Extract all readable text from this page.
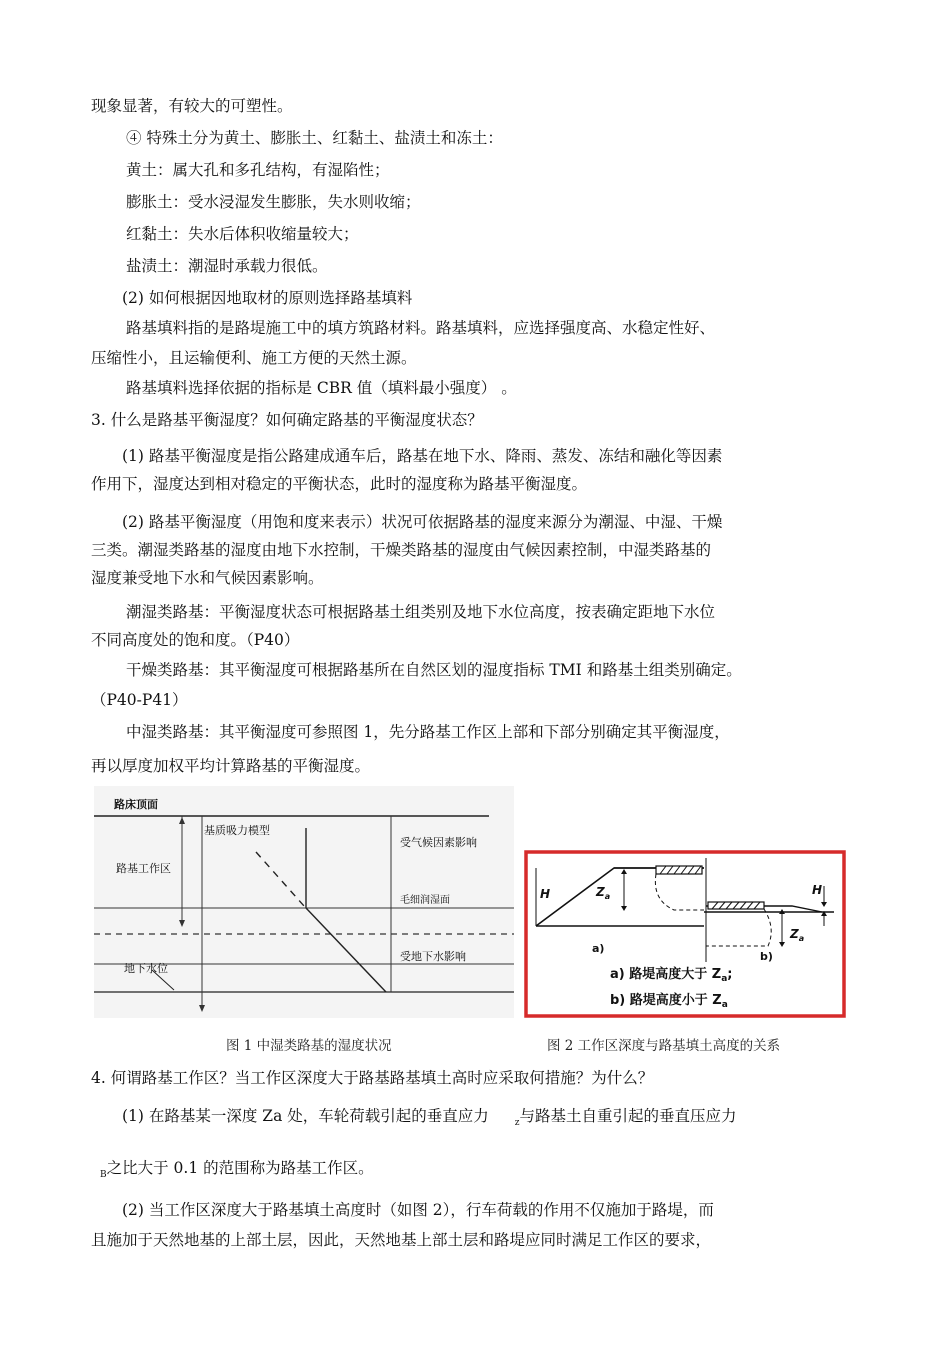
现象显著，有较大的可塑性。
④ 特殊土分为黄土、膨胀土、红黏土、盐渍土和冻土：
黄土：属大孔和多孔结构，有湿陷性；
膨胀土：受水浸湿发生膨胀，失水则收缩；
红黏土：失水后体积收缩量较大；
盐渍土：潮湿时承载力很低。
(2) 如何根据因地取材的原则选择路基填料
路基填料指的是路堤施工中的填方筑路材料。路基填料，应选择强度高、水稳定性好、
压缩性小，且运输便利、施工方便的天然土源。
路基填料选择依据的指标是 CBR 值（填料最小强度） 。
3. 什么是路基平衡湿度？如何确定路基的平衡湿度状态？
(1) 路基平衡湿度是指公路建成通车后，路基在地下水、降雨、蒸发、冻结和融化等因素
作用下，湿度达到相对稳定的平衡状态，此时的湿度称为路基平衡湿度。
(2) 路基平衡湿度（用饱和度来表示）状况可依据路基的湿度来源分为潮湿、中湿、干燥
三类。潮湿类路基的湿度由地下水控制，干燥类路基的湿度由气候因素控制，中湿类路基的
湿度兼受地下水和气候因素影响。
潮湿类路基：平衡湿度状态可根据路基土组类别及地下水位高度，按表确定距地下水位
不同高度处的饱和度。（P40）
干燥类路基：其平衡湿度可根据路基所在自然区划的湿度指标 TMI 和路基土组类别确定。
（P40-P41）
中湿类路基：其平衡湿度可参照图 1，先分路基工作区上部和下部分别确定其平衡湿度，
再以厚度加权平均计算路基的平衡湿度。
路床顶面
基质吸力模型
受气候因素影响
路基工作区
毛细润湿面
受地下水影响
地下水位
H	$Z_a$	H
$Z_a$
a)
b)
a) 路堤高度大于 $Z_a$;
b) 路堤高度小于 $Z_a$
图 1 中湿类路基的湿度状况	图 2 工作区深度与路基填土高度的关系
4. 何谓路基工作区？当工作区深度大于路基路基填土高时应采取何措施？为什么？
(1) 在路基某一深度 Za 处，车轮荷载引起的垂直应力	$_z$与路基土自重引起的垂直压应力
$_B$之比大于 0.1 的范围称为路基工作区。
(2) 当工作区深度大于路基填土高度时（如图 2），行车荷载的作用不仅施加于路堤，而
且施加于天然地基的上部土层，因此，天然地基上部土层和路堤应同时满足工作区的要求，
